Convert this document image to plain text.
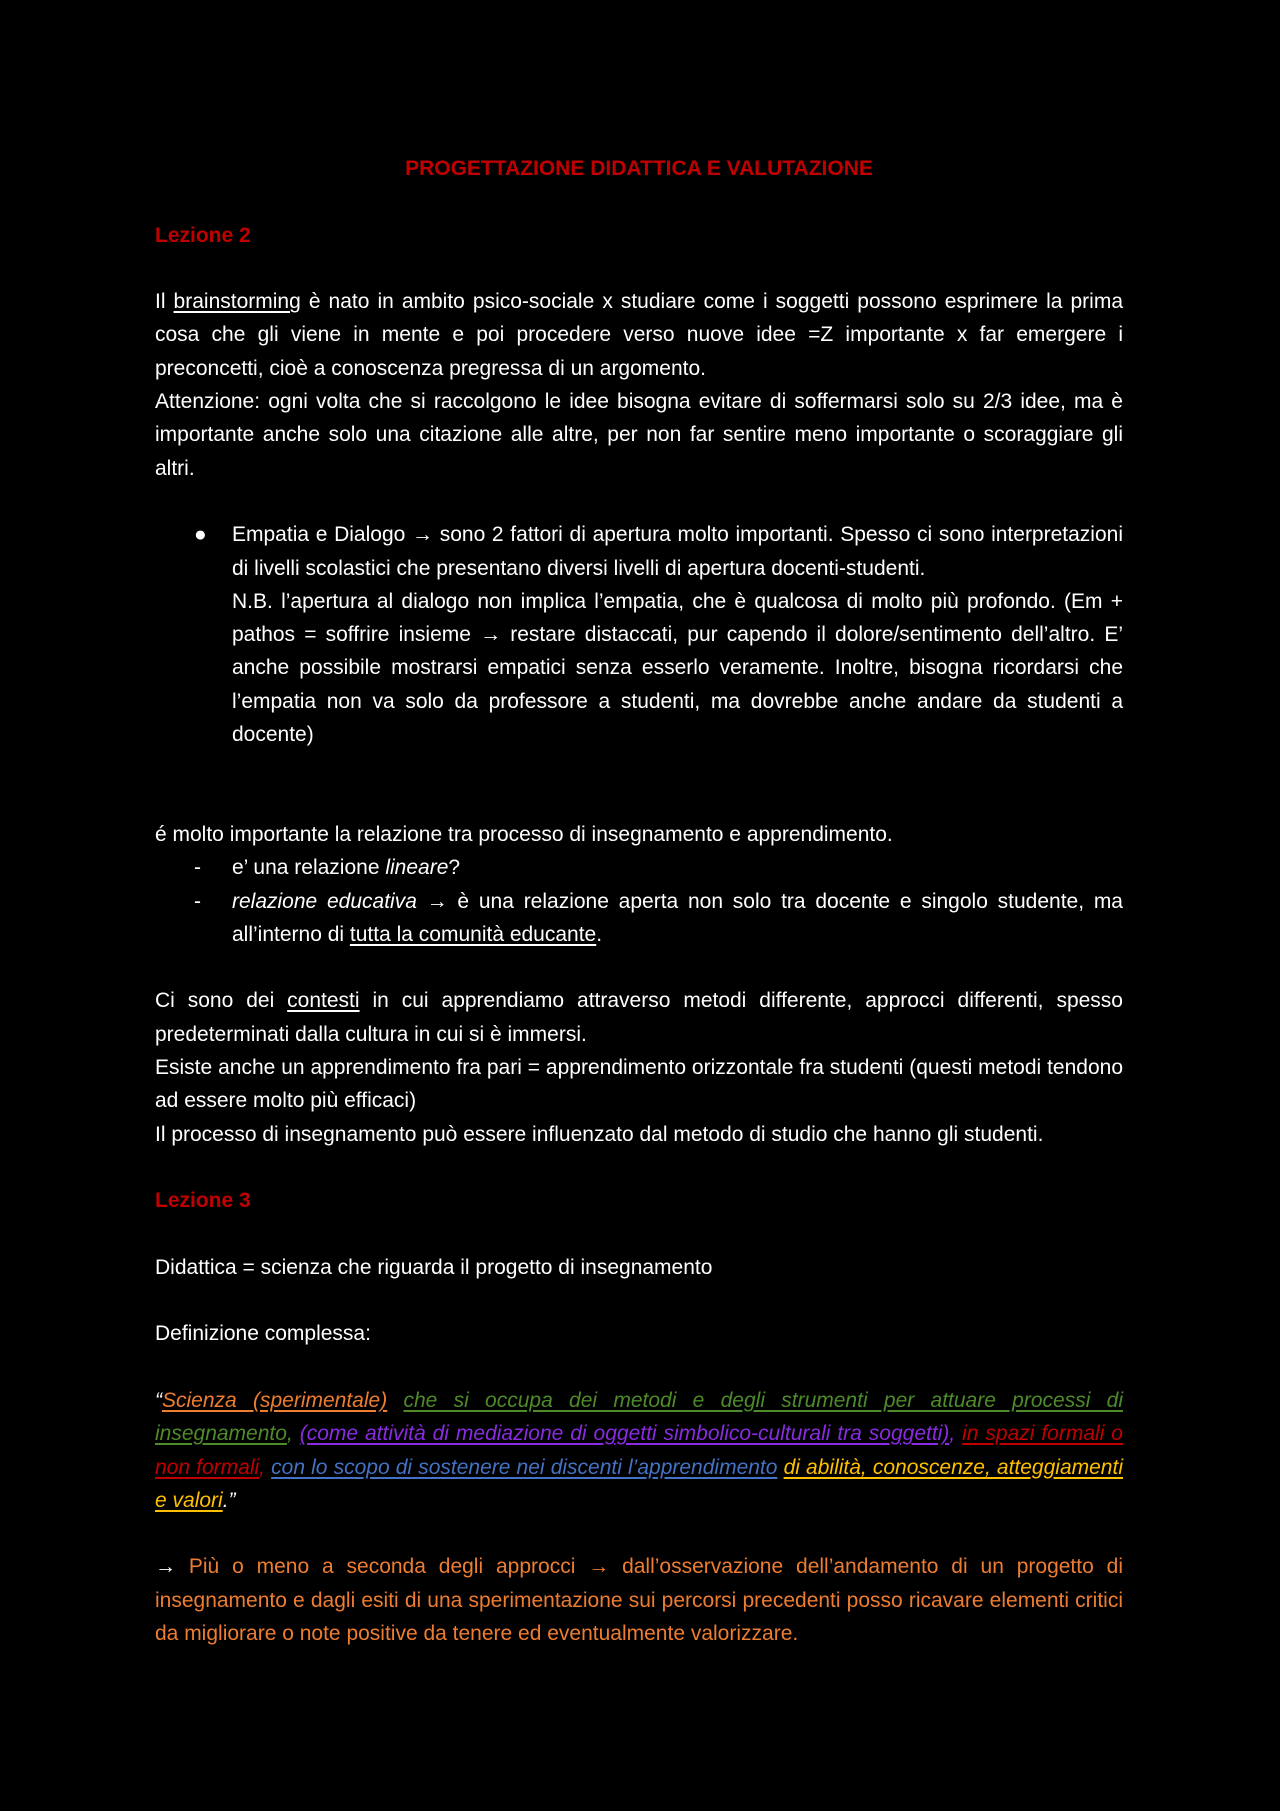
PROGETTAZIONE DIDATTICA E VALUTAZIONE

Lezione 2

Il brainstorming è nato in ambito psico-sociale x studiare come i soggetti possono esprimere la prima cosa che gli viene in mente e poi procedere verso nuove idee =Z importante x far emergere i preconcetti, cioè a conoscenza pregressa di un argomento.

Attenzione: ogni volta che si raccolgono le idee bisogna evitare di soffermarsi solo su 2/3 idee, ma è importante anche solo una citazione alle altre, per non far sentire meno importante o scoraggiare gli altri.

● Empatia e Dialogo → sono 2 fattori di apertura molto importanti. Spesso ci sono interpretazioni di livelli scolastici che presentano diversi livelli di apertura docenti-studenti.

N.B. l’apertura al dialogo non implica l’empatia, che è qualcosa di molto più profondo. (Em + pathos = soffrire insieme → restare distaccati, pur capendo il dolore/sentimento dell’altro. E’ anche possibile mostrarsi empatici senza esserlo veramente. Inoltre, bisogna ricordarsi che l’empatia non va solo da professore a studenti, ma dovrebbe anche andare da studenti a docente)

é molto importante la relazione tra processo di insegnamento e apprendimento.

- e’ una relazione lineare?

- relazione educativa → è una relazione aperta non solo tra docente e singolo studente, ma all’interno di tutta la comunità educante.

Ci sono dei contesti in cui apprendiamo attraverso metodi differente, approcci differenti, spesso predeterminati dalla cultura in cui si è immersi.

Esiste anche un apprendimento fra pari = apprendimento orizzontale fra studenti (questi metodi tendono ad essere molto più efficaci)

Il processo di insegnamento può essere influenzato dal metodo di studio che hanno gli studenti.

Lezione 3

Didattica = scienza che riguarda il progetto di insegnamento

Definizione complessa:

“Scienza (sperimentale) che si occupa dei metodi e degli strumenti per attuare processi di insegnamento, (come attività di mediazione di oggetti simbolico-culturali tra soggetti), in spazi formali o non formali, con lo scopo di sostenere nei discenti l’apprendimento di abilità, conoscenze, atteggiamenti e valori.”

→ Più o meno a seconda degli approcci → dall’osservazione dell’andamento di un progetto di insegnamento e dagli esiti di una sperimentazione sui percorsi precedenti posso ricavare elementi critici da migliorare o note positive da tenere ed eventualmente valorizzare.
